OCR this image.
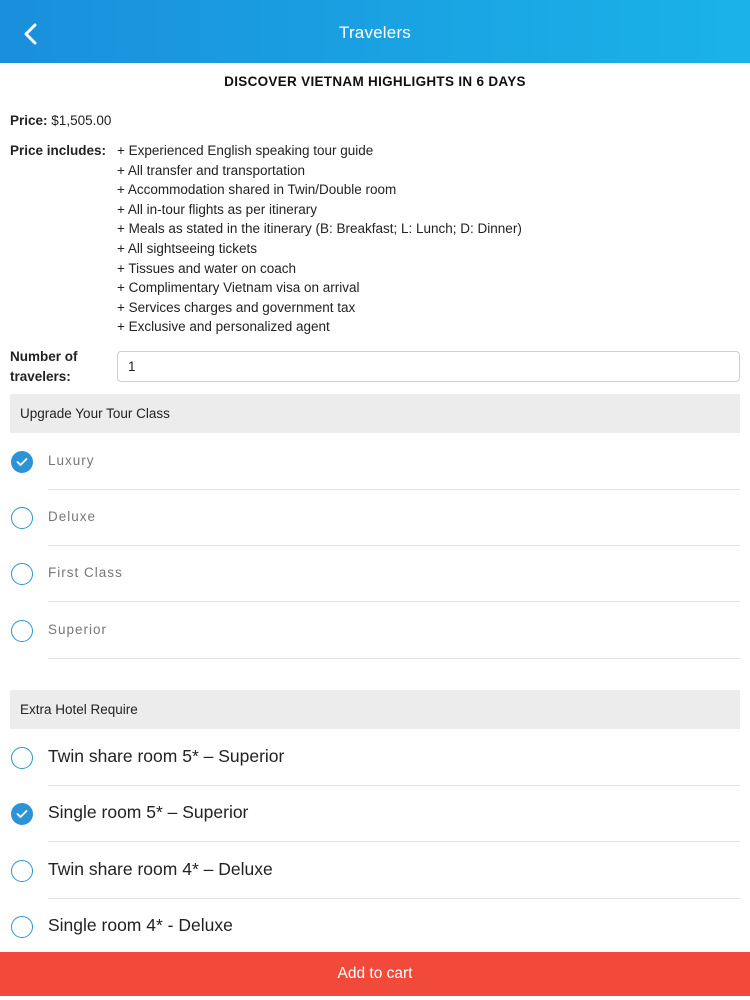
Travelers
DISCOVER VIETNAM HIGHLIGHTS IN 6 DAYS
Price: $1,505.00
Price includes: + Experienced English speaking tour guide
+ All transfer and transportation
+ Accommodation shared in Twin/Double room
+ All in-tour flights as per itinerary
+ Meals as stated in the itinerary (B: Breakfast; L: Lunch; D: Dinner)
+ All sightseeing tickets
+ Tissues and water on coach
+ Complimentary Vietnam visa on arrival
+ Services charges and government tax
+ Exclusive and personalized agent
Number of
travelers:
1
Upgrade Your Tour Class
Luxury
Deluxe
First Class
Superior
Extra Hotel Require
Twin share room 5* – Superior
Single room 5* – Superior
Twin share room 4* – Deluxe
Single room 4* - Deluxe
Add to cart
